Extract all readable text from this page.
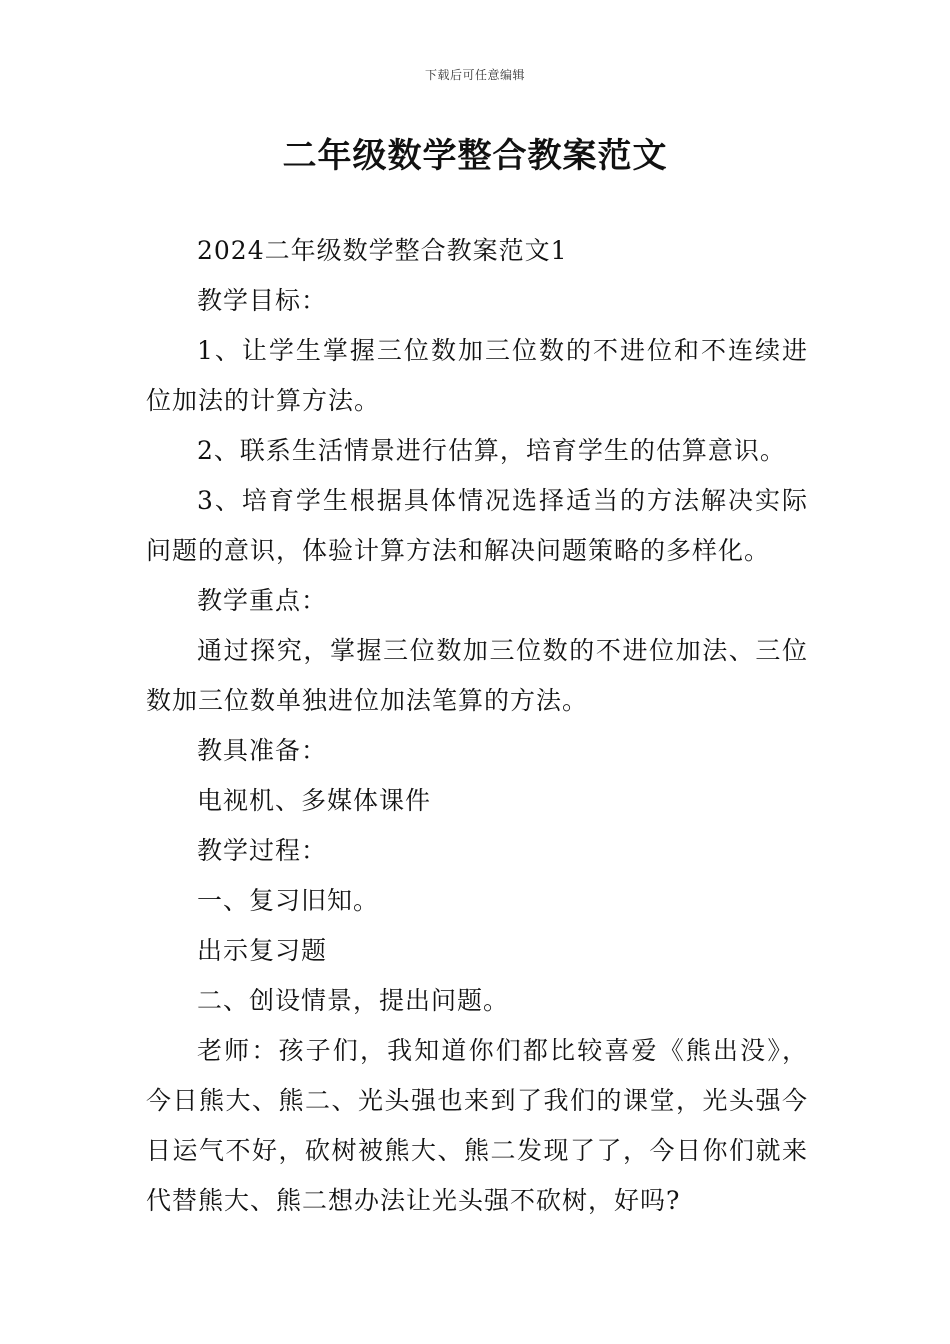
下载后可任意编辑
二年级数学整合教案范文

2024二年级数学整合教案范文1

教学目标：

1、让学生掌握三位数加三位数的不进位和不连续进位加法的计算方法。

2、联系生活情景进行估算，培育学生的估算意识。

3、培育学生根据具体情况选择适当的方法解决实际问题的意识，体验计算方法和解决问题策略的多样化。

教学重点：

通过探究，掌握三位数加三位数的不进位加法、三位数加三位数单独进位加法笔算的方法。

教具准备：

电视机、多媒体课件

教学过程：

一、复习旧知。

出示复习题

二、创设情景，提出问题。

老师：孩子们，我知道你们都比较喜爱《熊出没》，今日熊大、熊二、光头强也来到了我们的课堂，光头强今日运气不好，砍树被熊大、熊二发现了了，今日你们就来代替熊大、熊二想办法让光头强不砍树，好吗?
